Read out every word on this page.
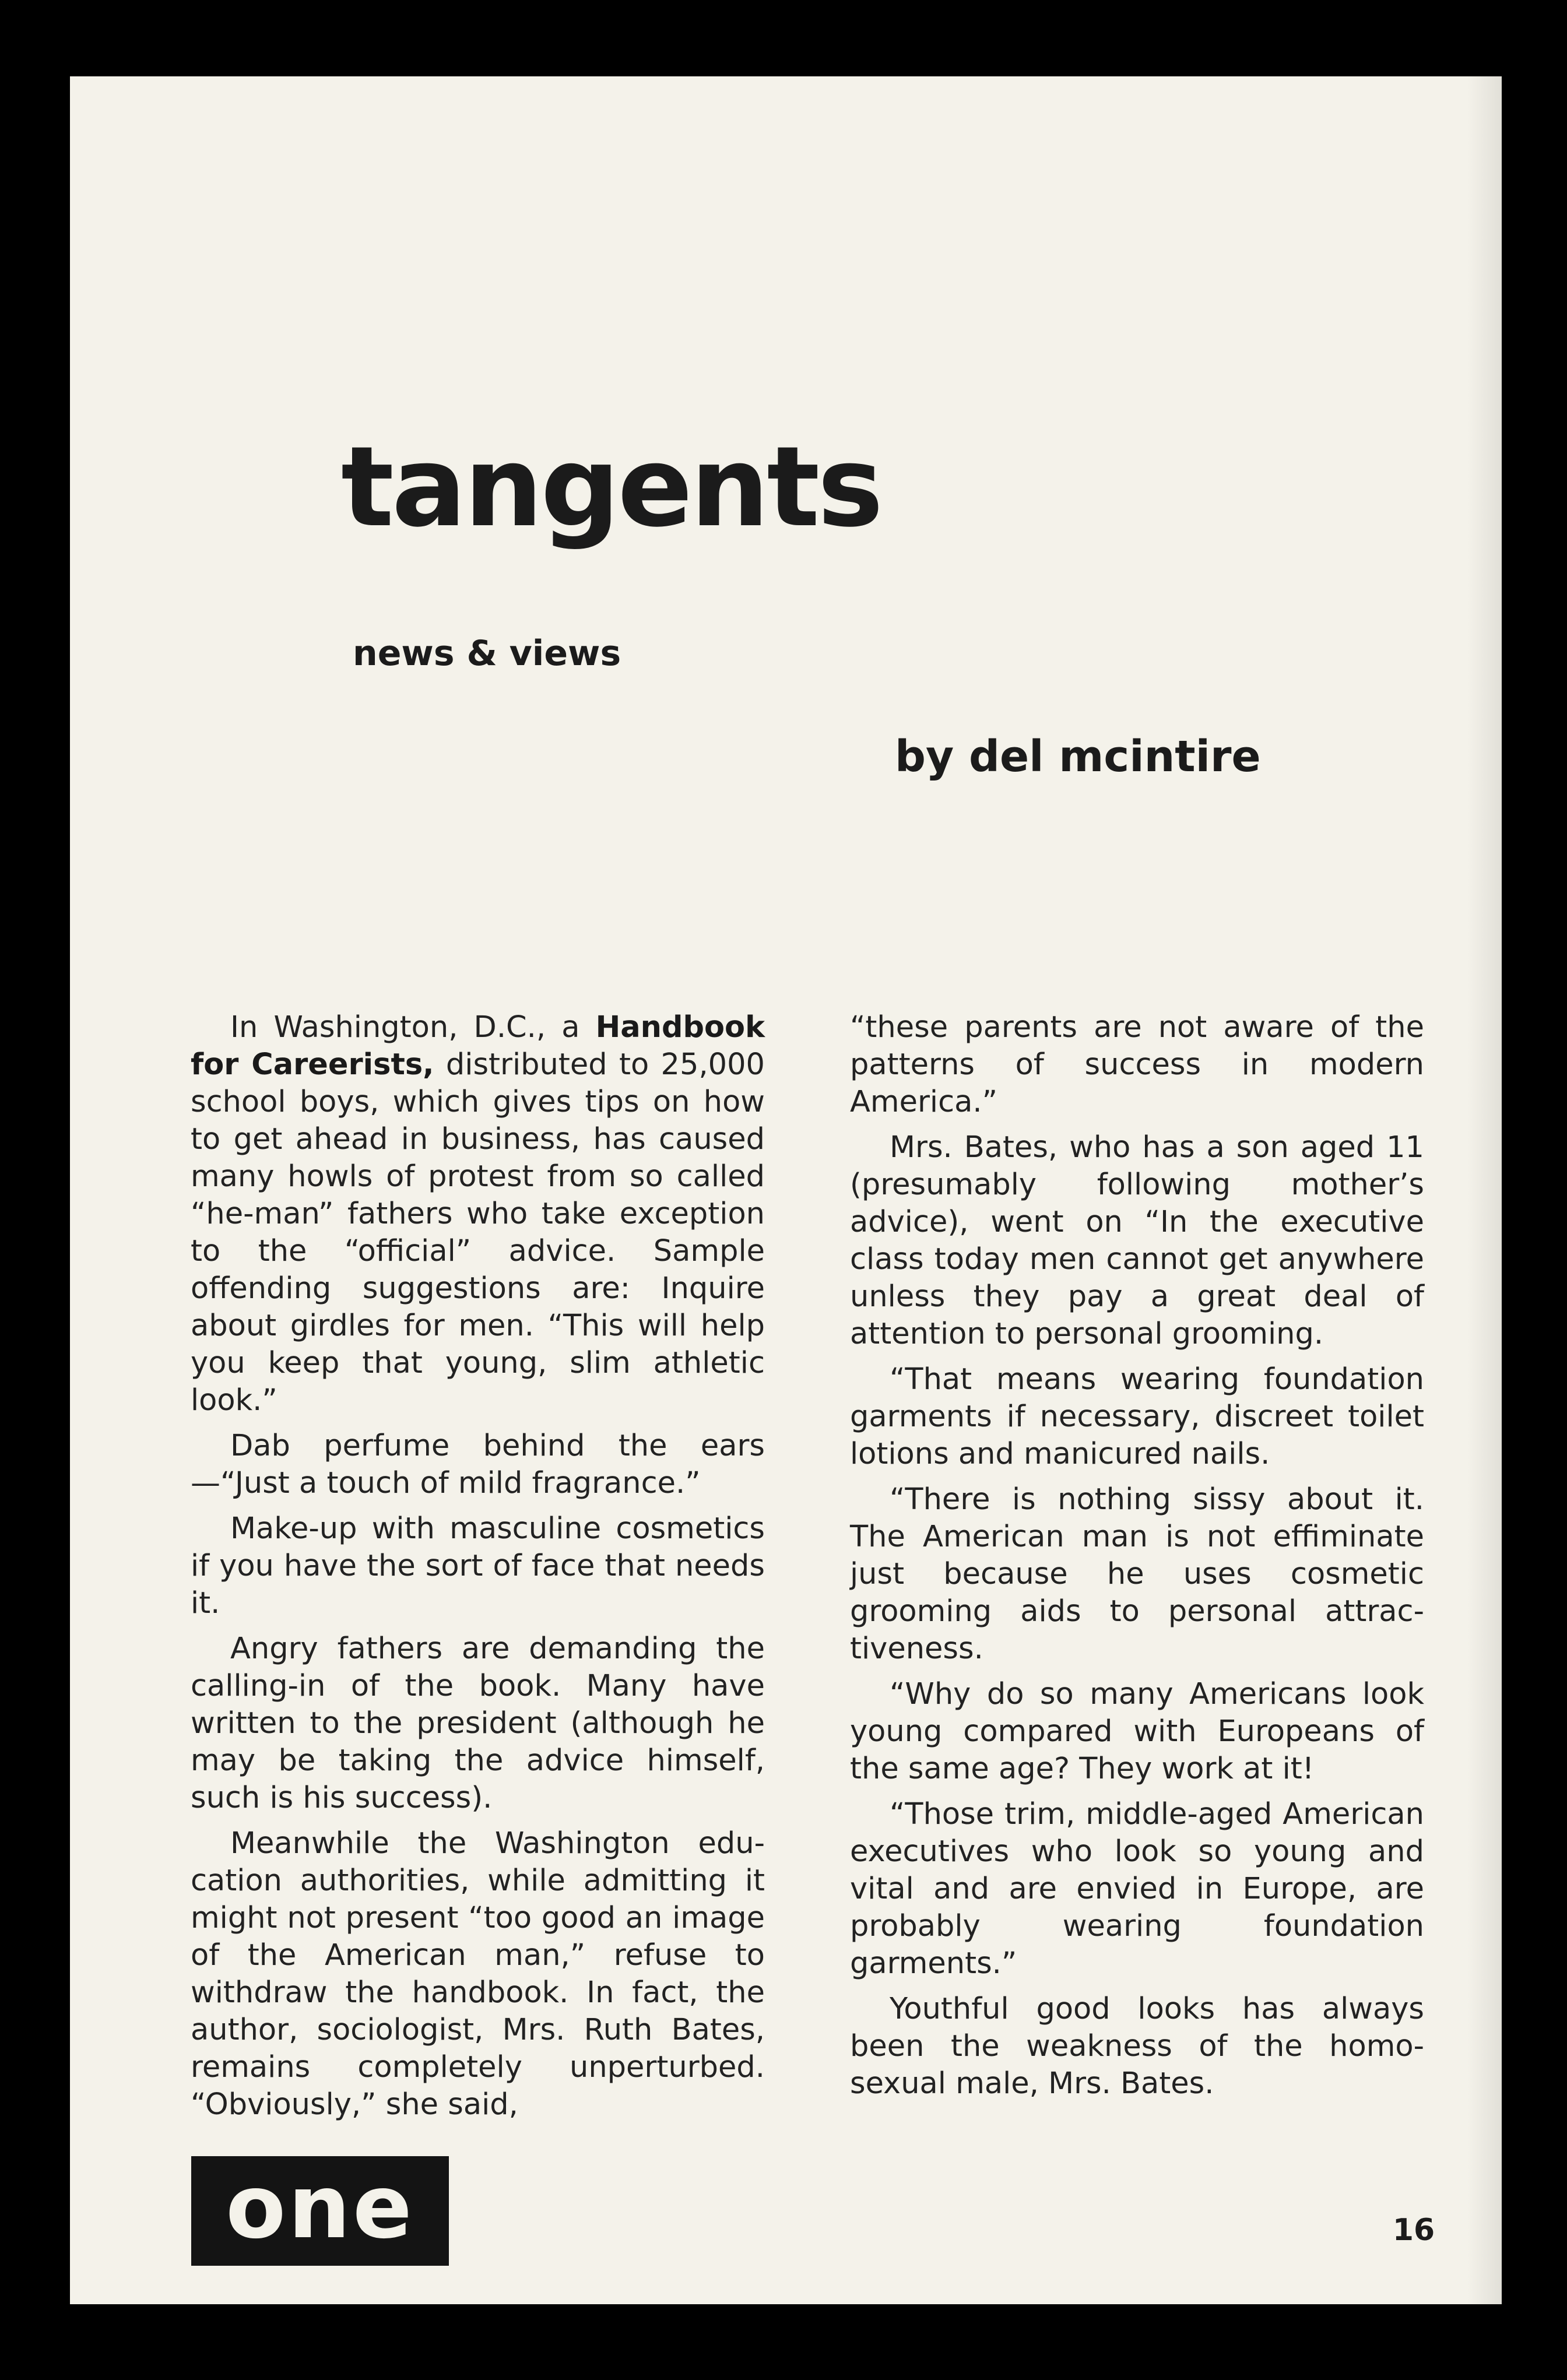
tangents
news & views
by del mcintire

In Washington, D.C., a Handbook for Careerists, distributed to 25,000 school boys, which gives tips on how to get ahead in business, has caused many howls of protest from so called “he-man” fathers who take exception to the “official” advice. Sample offending suggestions are: Inquire about girdles for men. “This will help you keep that young, slim athletic look.”

Dab perfume behind the ears—“Just a touch of mild fragrance.”

Make-up with masculine cosmetics if you have the sort of face that needs it.

Angry fathers are demanding the calling-in of the book. Many have written to the president (although he may be taking the advice himself, such is his success).

Meanwhile the Washington education authorities, while admitting it might not present “too good an image of the American man,” refuse to withdraw the handbook. In fact, the author, sociologist, Mrs. Ruth Bates, remains completely unperturbed. “Obviously,” she said,

“these parents are not aware of the patterns of success in modern America.”

Mrs. Bates, who has a son aged 11 (presumably following mother’s advice), went on “In the executive class today men cannot get anywhere unless they pay a great deal of attention to personal grooming.

“That means wearing foundation garments if necessary, discreet toilet lotions and manicured nails.

“There is nothing sissy about it. The American man is not effiminate just because he uses cosmetic grooming aids to personal attractiveness.

“Why do so many Americans look young compared with Europeans of the same age? They work at it!

“Those trim, middle-aged American executives who look so young and vital and are envied in Europe, are probably wearing foundation garments.”

Youthful good looks has always been the weakness of the homosexual male, Mrs. Bates.

one	16
